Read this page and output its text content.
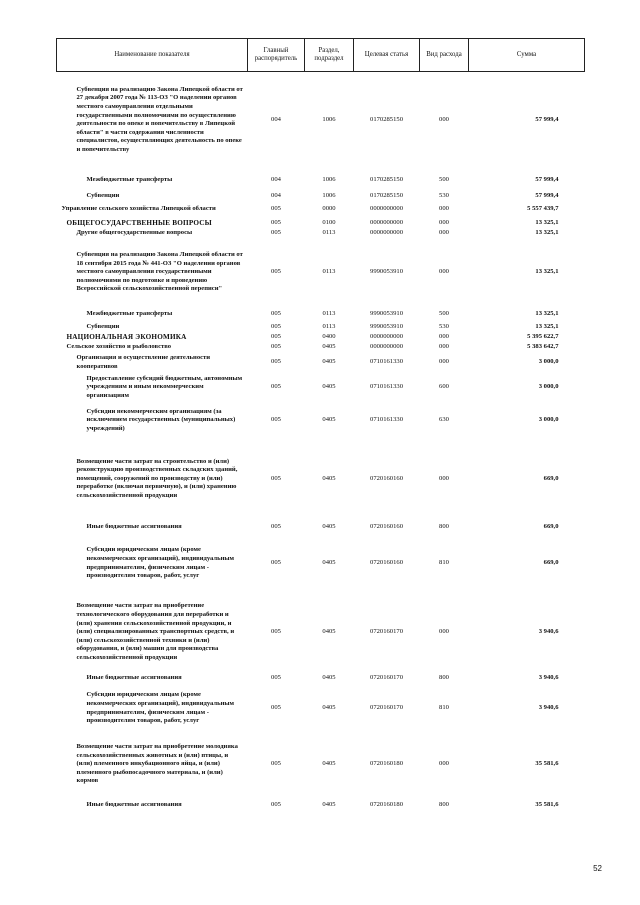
Наименование показателя	Главный распорядитель	Раздел, подраздел	Целевая статья	Вид расхода	Сумма
Субвенция на реализацию Закона Липецкой области от 27 декабря 2007 года № 113-ОЗ "О наделении органов местного самоуправления отдельными государственными полномочиями по осуществлению деятельности по опеке и попечительству в Липецкой области" в части содержания численности специалистов, осуществляющих деятельность по опеке и попечительству	004	1006	0170285150	000	57 999,4
Межбюджетные трансферты	004	1006	0170285150	500	57 999,4
Субвенции	004	1006	0170285150	530	57 999,4
Управление сельского хозяйства Липецкой области	005	0000	0000000000	000	5 557 439,7
ОБЩЕГОСУДАРСТВЕННЫЕ ВОПРОСЫ	005	0100	0000000000	000	13 325,1
Другие общегосударственные вопросы	005	0113	0000000000	000	13 325,1
Субвенция на реализацию Закона Липецкой области от 18 сентября 2015 года № 441-ОЗ "О наделении органов местного самоуправления государственными полномочиями по подготовке и проведению Всероссийской сельскохозяйственной переписи"	005	0113	9990053910	000	13 325,1
Межбюджетные трансферты	005	0113	9990053910	500	13 325,1
Субвенции	005	0113	9990053910	530	13 325,1
НАЦИОНАЛЬНАЯ ЭКОНОМИКА	005	0400	0000000000	000	5 395 622,7
Сельское хозяйство и рыболовство	005	0405	0000000000	000	5 383 642,7
Организация и осуществление деятельности кооперативов	005	0405	0710161330	000	3 000,0
Предоставление субсидий бюджетным, автономным учреждениям и иным некоммерческим организациям	005	0405	0710161330	600	3 000,0
Субсидии некоммерческим организациям (за исключением государственных (муниципальных) учреждений)	005	0405	0710161330	630	3 000,0
Возмещение части затрат на строительство и (или) реконструкцию производственных складских зданий, помещений, сооружений по производству и (или) переработке (включая первичную), и (или) хранению сельскохозяйственной продукции	005	0405	0720160160	000	669,0
Иные бюджетные ассигнования	005	0405	0720160160	800	669,0
Субсидии юридическим лицам (кроме некоммерческих организаций), индивидуальным предпринимателям, физическим лицам - производителям товаров, работ, услуг	005	0405	0720160160	810	669,0
Возмещение части затрат на приобретение технологического оборудования для переработки и (или) хранения сельскохозяйственной продукции, и (или) специализированных транспортных средств, и (или) сельскохозяйственной техники и (или) оборудования, и (или) машин для производства сельскохозяйственной продукции	005	0405	0720160170	000	3 940,6
Иные бюджетные ассигнования	005	0405	0720160170	800	3 940,6
Субсидии юридическим лицам (кроме некоммерческих организаций), индивидуальным предпринимателям, физическим лицам - производителям товаров, работ, услуг	005	0405	0720160170	810	3 940,6
Возмещение части затрат на приобретение молодняка сельскохозяйственных животных и (или) птицы, и (или) племенного инкубационного яйца, и (или) племенного рыбопосадочного материала, и (или) кормов	005	0405	0720160180	000	35 581,6
Иные бюджетные ассигнования	005	0405	0720160180	800	35 581,6
52
